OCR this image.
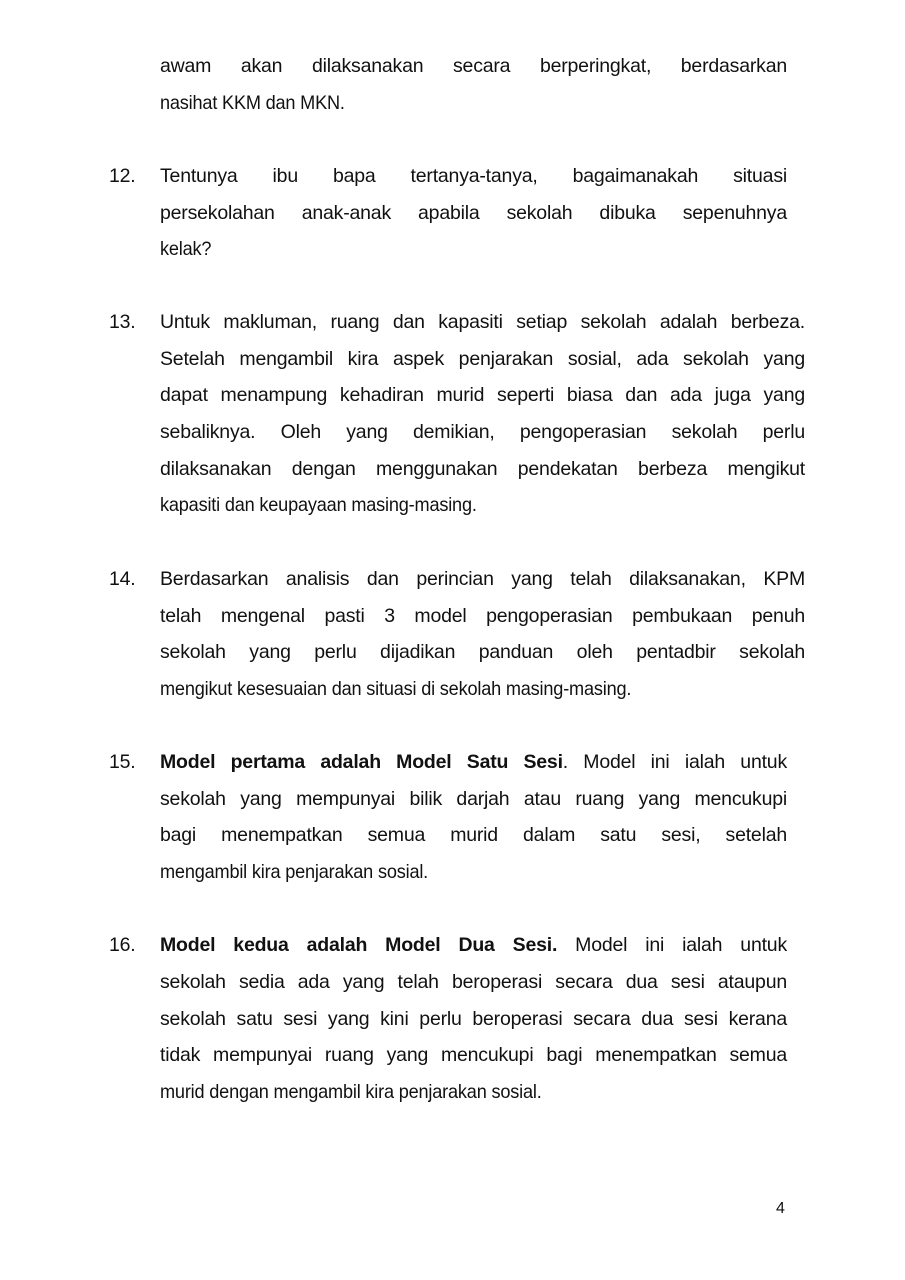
awam akan dilaksanakan secara berperingkat, berdasarkan
nasihat KKM dan MKN.
12. Tentunya ibu bapa tertanya-tanya, bagaimanakah situasi
persekolahan anak-anak apabila sekolah dibuka sepenuhnya
kelak?
13. Untuk makluman, ruang dan kapasiti setiap sekolah adalah berbeza.
Setelah mengambil kira aspek penjarakan sosial, ada sekolah yang
dapat menampung kehadiran murid seperti biasa dan ada juga yang
sebaliknya. Oleh yang demikian, pengoperasian sekolah perlu
dilaksanakan dengan menggunakan pendekatan berbeza mengikut
kapasiti dan keupayaan masing-masing.
14. Berdasarkan analisis dan perincian yang telah dilaksanakan, KPM
telah mengenal pasti 3 model pengoperasian pembukaan penuh
sekolah yang perlu dijadikan panduan oleh pentadbir sekolah
mengikut kesesuaian dan situasi di sekolah masing-masing.
15. Model pertama adalah Model Satu Sesi. Model ini ialah untuk
sekolah yang mempunyai bilik darjah atau ruang yang mencukupi
bagi menempatkan semua murid dalam satu sesi, setelah
mengambil kira penjarakan sosial.
16. Model kedua adalah Model Dua Sesi. Model ini ialah untuk
sekolah sedia ada yang telah beroperasi secara dua sesi ataupun
sekolah satu sesi yang kini perlu beroperasi secara dua sesi kerana
tidak mempunyai ruang yang mencukupi bagi menempatkan semua
murid dengan mengambil kira penjarakan sosial.
4
